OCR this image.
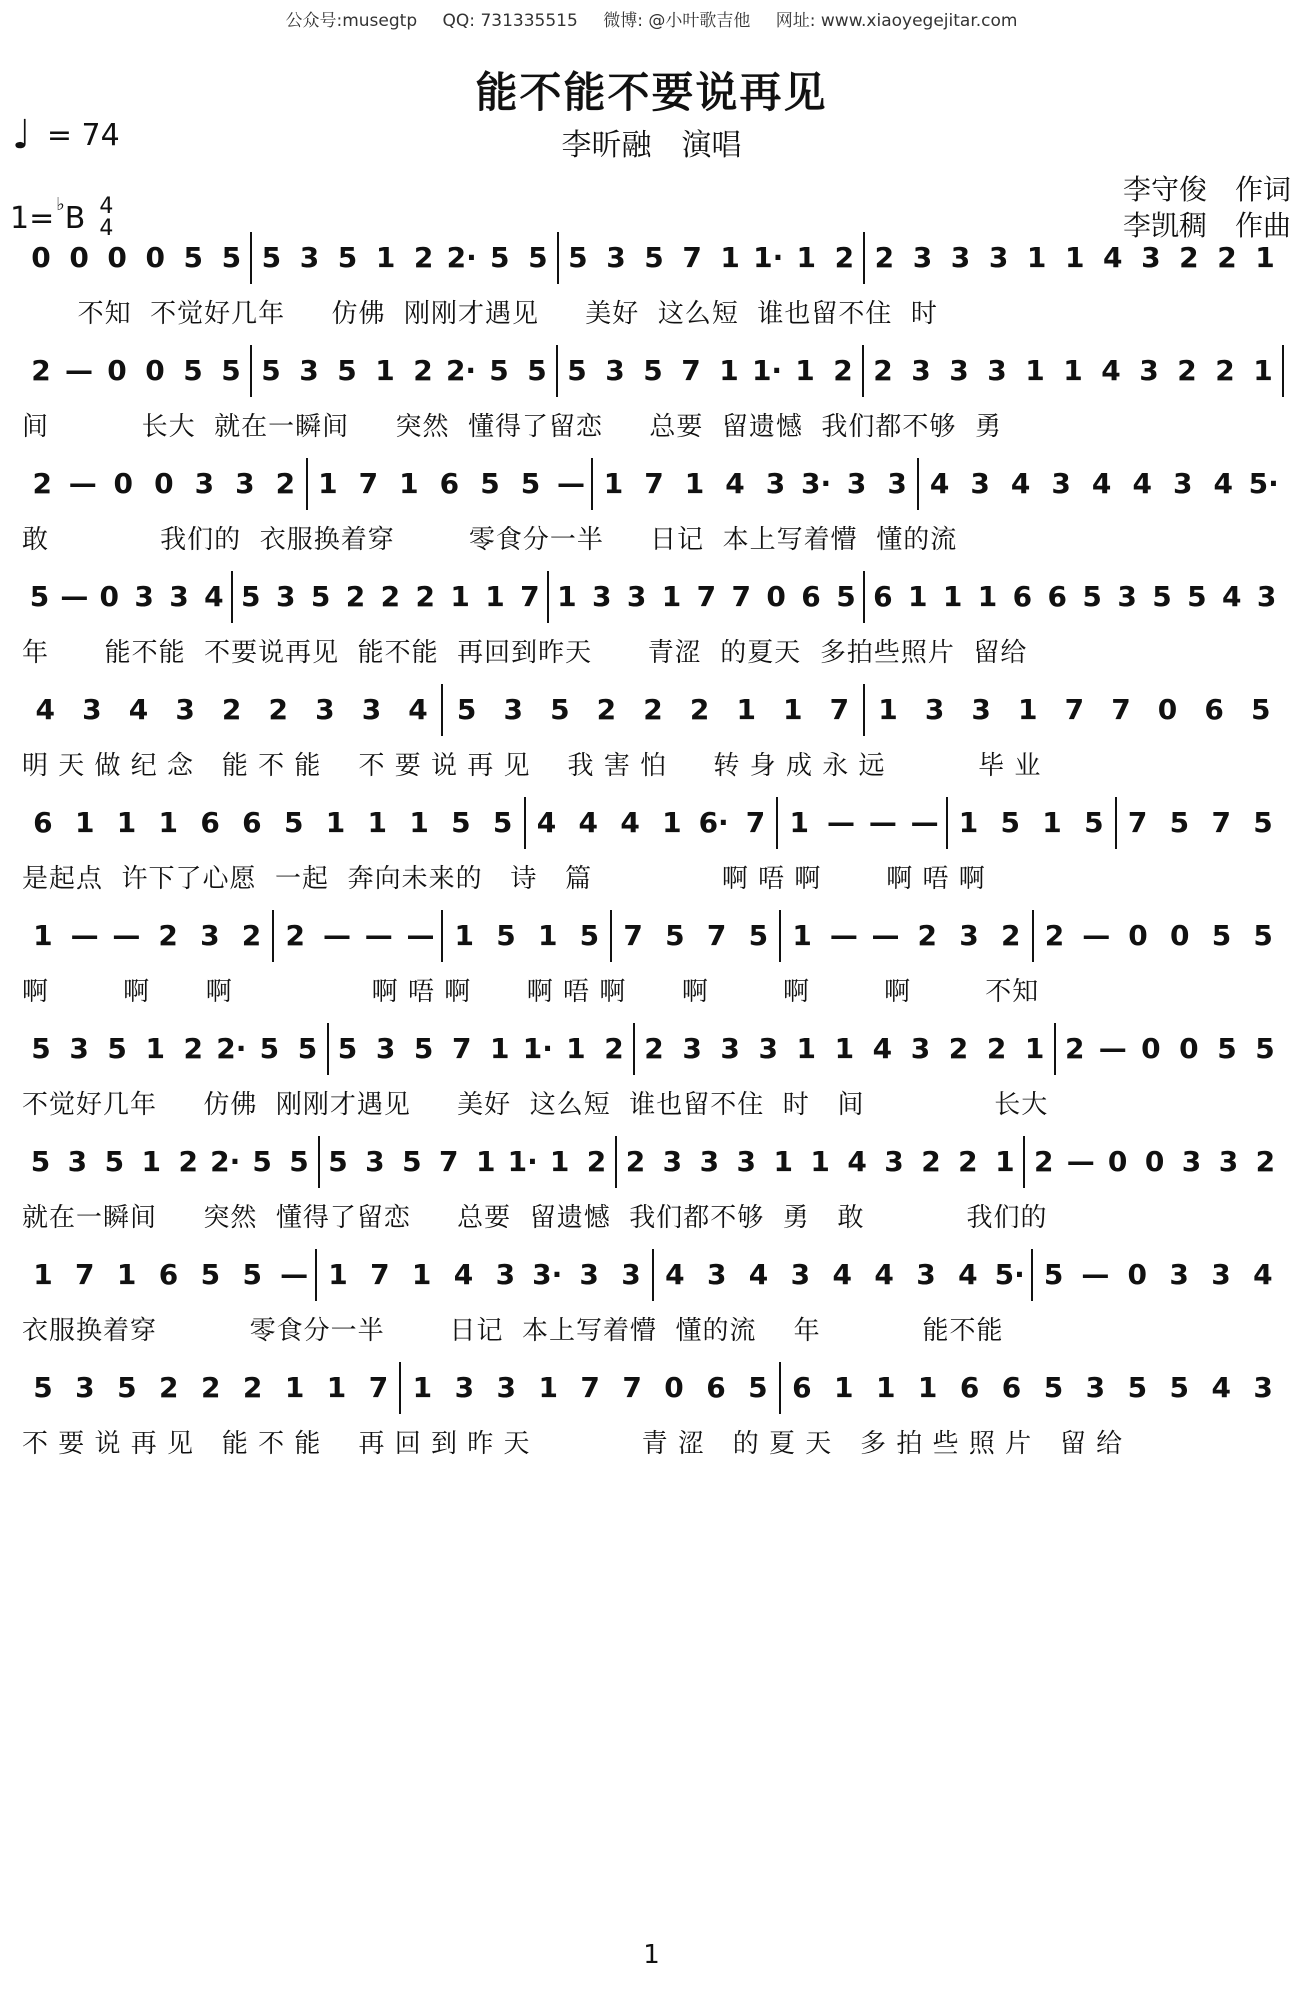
公众号:musegtp QQ: 731335515 微博: @小叶歌吉他 网址: www.xiaoyegejitar.com
能不能不要说再见
李昕融　演唱
♩ = 74
1= ♭ B 4
4
李守俊 作词
李凯稠 作曲
0 0 0 0 5 5 5 3 5 1 2 2· 5 5 5 3 5 7 1 1· 1 2 2 3 3 3 1 1 4 3 2 2 1
不知  不觉好几年     仿佛  刚刚才遇见     美好  这么短  谁也留不住  时
2 — 0 0 5 5 5 3 5 1 2 2· 5 5 5 3 5 7 1 1· 1 2 2 3 3 3 1 1 4 3 2 2 1
间          长大  就在一瞬间     突然  懂得了留恋     总要  留遗憾  我们都不够  勇
2 — 0 0 3 3 2 1 7 1 6 5 5 — 1 7 1 4 3 3· 3 3 4 3 4 3 4 4 3 4 5·
敢            我们的  衣服换着穿        零食分一半     日记  本上写着懵  懂的流
5 — 0 3 3 4 5 3 5 2 2 2 1 1 7 1 3 3 1 7 7 0 6 5 6 1 1 1 6 6 5 3 5 5 4 3
年      能不能  不要说再见  能不能  再回到昨天      青涩  的夏天  多拍些照片  留给
4 3 4 3 2 2 3 3 4	5 3 5 2 2 2 1 1 7	1 3 3 1 7 7 0 6 5
明 天 做 纪 念   能 不 能    不 要 说 再 见    我 害 怕     转 身 成 永 远          毕 业
6 1 1 1 6 6 5 1 1 1 5 5 4 4 4 1 6· 7 1 — — — 1 5 1 5 7 5 7 5
是起点  许下了心愿  一起  奔向未来的   诗   篇              啊 唔 啊       啊 唔 啊
1 — — 2 3 2 2 — — — 1 5 1 5 7 5 7 5 1 — — 2 3 2 2 — 0 0 5 5
啊        啊      啊               啊 唔 啊      啊 唔 啊      啊        啊        啊        不知
5 3 5 1 2 2· 5 5 5 3 5 7 1 1· 1 2 2 3 3 3 1 1 4 3 2 2 1 2 — 0 0 5 5
不觉好几年     仿佛  刚刚才遇见     美好  这么短  谁也留不住  时   间              长大
5 3 5 1 2 2· 5 5 5 3 5 7 1 1· 1 2 2 3 3 3 1 1 4 3 2 2 1 2 — 0 0 3 3 2
就在一瞬间     突然  懂得了留恋     总要  留遗憾  我们都不够  勇   敢           我们的
1 7 1 6 5 5 — 1 7 1 4 3 3· 3 3 4 3 4 3 4 4 3 4 5· 5 — 0 3 3 4
衣服换着穿          零食分一半       日记  本上写着懵  懂的流    年           能不能
5 3 5 2 2 2 1 1 7 1 3 3 1 7 7 0 6 5 6 1 1 1 6 6 5 3 5 5 4 3
不 要 说 再 见   能 不 能    再 回 到 昨 天            青 涩   的 夏 天   多 拍 些 照 片   留 给
1
